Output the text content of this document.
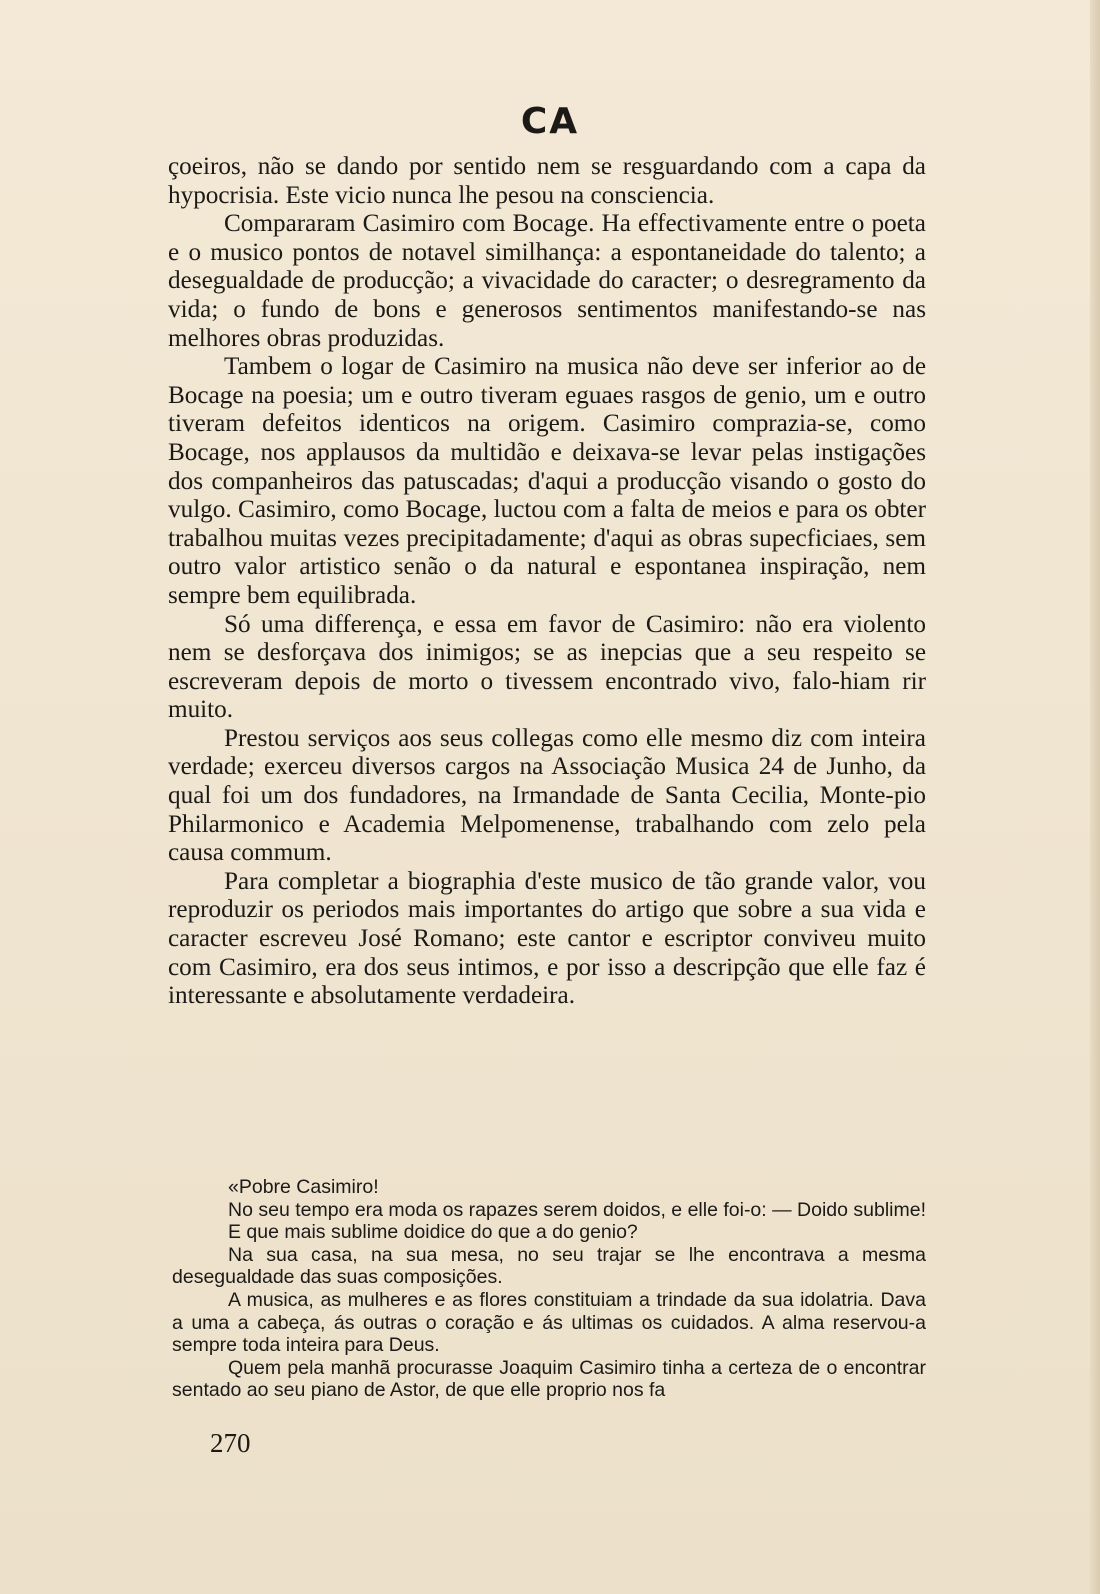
CA

çoeiros, não se dando por sentido nem se resguardando com a capa da hypocrisia. Este vicio nunca lhe pesou na consciencia.

Compararam Casimiro com Bocage. Ha effectivamente entre o poeta e o musico pontos de notavel similhança: a espontaneidade do talento; a desegualdade de producção; a vivacidade do caracter; o desregramento da vida; o fundo de bons e generosos sentimentos manifestando-se nas melhores obras produzidas.

Tambem o logar de Casimiro na musica não deve ser inferior ao de Bocage na poesia; um e outro tiveram eguaes rasgos de genio, um e outro tiveram defeitos identicos na origem. Casimiro comprazia-se, como Bocage, nos applausos da multidão e deixava-se levar pelas instigações dos companheiros das patuscadas; d'aqui a producção visando o gosto do vulgo. Casimiro, como Bocage, luctou com a falta de meios e para os obter trabalhou muitas vezes precipitadamente; d'aqui as obras supecficiaes, sem outro valor artistico senão o da natural e espontanea inspiração, nem sempre bem equilibrada.

Só uma differença, e essa em favor de Casimiro: não era violento nem se desforçava dos inimigos; se as inepcias que a seu respeito se escreveram depois de morto o tivessem encontrado vivo, falo-hiam rir muito.

Prestou serviços aos seus collegas como elle mesmo diz com inteira verdade; exerceu diversos cargos na Associação Musica 24 de Junho, da qual foi um dos fundadores, na Irmandade de Santa Cecilia, Monte-pio Philarmonico e Academia Melpomenense, trabalhando com zelo pela causa commum.

Para completar a biographia d'este musico de tão grande valor, vou reproduzir os periodos mais importantes do artigo que sobre a sua vida e caracter escreveu José Romano; este cantor e escriptor conviveu muito com Casimiro, era dos seus intimos, e por isso a descripção que elle faz é interessante e absolutamente verdadeira.

«Pobre Casimiro!

No seu tempo era moda os rapazes serem doidos, e elle foi-o: — Doido sublime!

E que mais sublime doidice do que a do genio?

Na sua casa, na sua mesa, no seu trajar se lhe encontrava a mesma desegualdade das suas composições.

A musica, as mulheres e as flores constituiam a trindade da sua idolatria. Dava a uma a cabeça, ás outras o coração e ás ultimas os cuidados. A alma reservou-a sempre toda inteira para Deus.

Quem pela manhã procurasse Joaquim Casimiro tinha a certeza de o encontrar sentado ao seu piano de Astor, de que elle proprio nos fa

270
